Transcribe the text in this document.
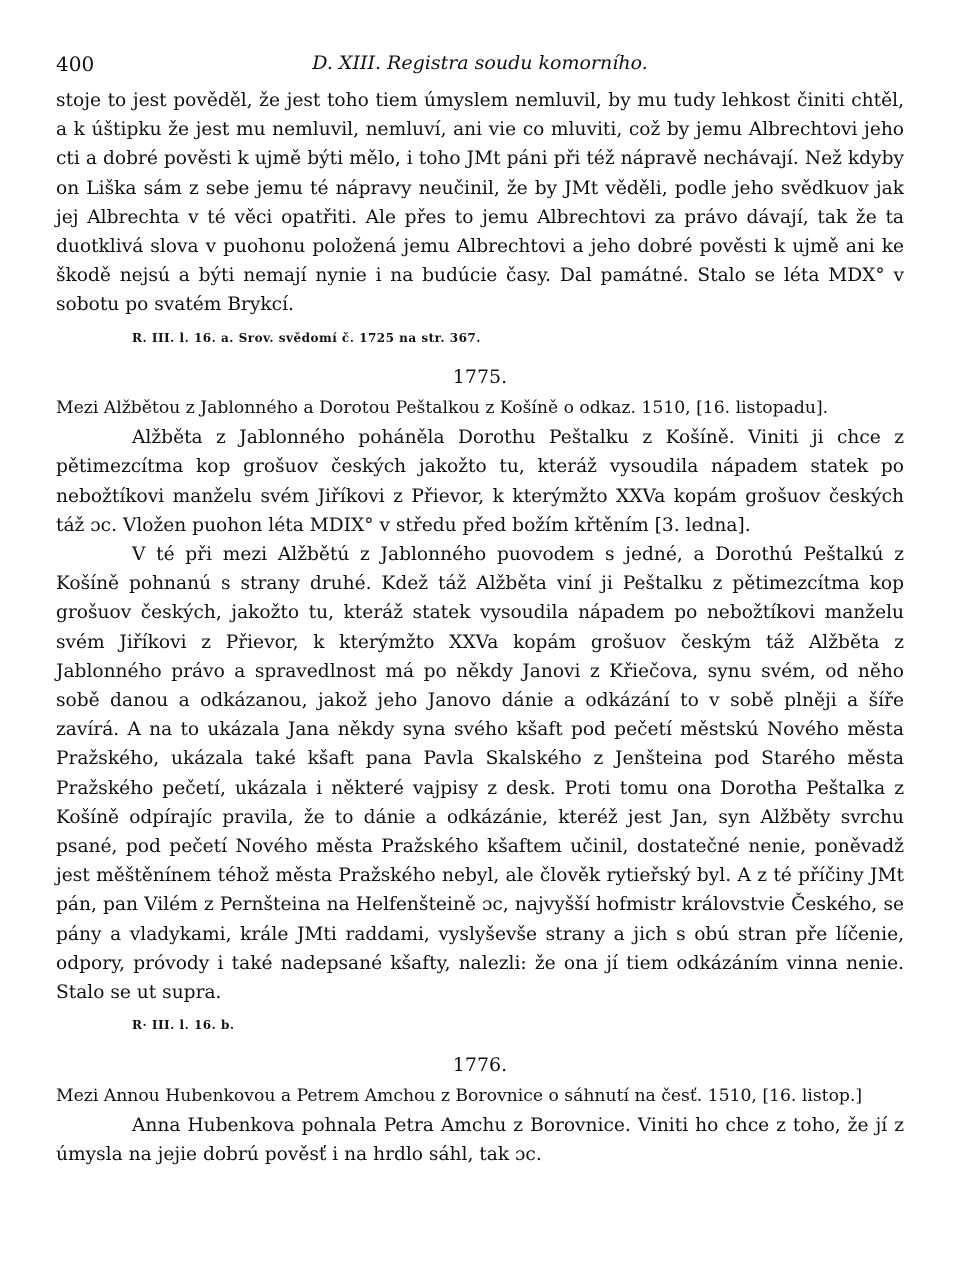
400	D. XIII. Registra soudu komorního.

stoje to jest pověděl, že jest toho tiem úmyslem nemluvil, by mu tudy lehkost činiti chtěl, a k úštipku že jest mu nemluvil, nemluví, ani vie co mluviti, což by jemu Albrechtovi jeho cti a dobré pověsti k ujmě býti mělo, i toho JMt páni při též nápravě nechávají. Než kdyby on Liška sám z sebe jemu té nápravy neučinil, že by JMt věděli, podle jeho svědkuov jak jej Albrechta v té věci opatřiti. Ale přes to jemu Albrechtovi za právo dávají, tak že ta duotklivá slova v puohonu položená jemu Albrechtovi a jeho dobré pověsti k ujmě ani ke škodě nejsú a býti nemají nynie i na budúcie časy. Dal památné. Stalo se léta MDX° v sobotu po svatém Brykcí.

R. III. l. 16. a. Srov. svědomí č. 1725 na str. 367.
1775.
Mezi Alžbětou z Jablonného a Dorotou Peštalkou z Košíně o odkaz. 1510, [16. listopadu].

Alžběta z Jablonného poháněla Dorothu Peštalku z Košíně. Viniti ji chce z pětimezcítma kop grošuov českých jakožto tu, kteráž vysoudila nápadem statek po nebožtíkovi manželu svém Jiříkovi z Přievor, k kterýmžto XXVa kopám grošuov českých táž ɔc. Vložen puohon léta MDIX° v středu před božím křtěním [3. ledna].

V té při mezi Alžbětú z Jablonného puovodem s jedné, a Dorothú Peštalkú z Košíně pohnanú s strany druhé. Kdež táž Alžběta viní ji Peštalku z pětimezcítma kop grošuov českých, jakožto tu, kteráž statek vysoudila nápadem po nebožtíkovi manželu svém Jiříkovi z Přievor, k kterýmžto XXVa kopám grošuov českým táž Alžběta z Jablonného právo a spravedlnost má po někdy Janovi z Křiečova, synu svém, od něho sobě danou a odkázanou, jakož jeho Janovo dánie a odkázání to v sobě plněji a šíře zavírá. A na to ukázala Jana někdy syna svého kšaft pod pečetí městskú Nového města Pražského, ukázala také kšaft pana Pavla Skalského z Jenšteina pod Starého města Pražského pečetí, ukázala i některé vajpisy z desk. Proti tomu ona Dorotha Peštalka z Košíně odpírajíc pravila, že to dánie a odkázánie, kteréž jest Jan, syn Alžběty svrchu psané, pod pečetí Nového města Pražského kšaftem učinil, dostatečné nenie, poněvadž jest měštěnínem téhož města Pražského nebyl, ale člověk rytieřský byl. A z té příčiny JMt pán, pan Vilém z Pernšteina na Helfenšteině ɔc, najvyšší hofmistr královstvie Českého, se pány a vladykami, krále JMti raddami, vyslyševše strany a jich s obú stran pře líčenie, odpory, próvody i také nadepsané kšafty, nalezli: že ona jí tiem odkázáním vinna nenie. Stalo se ut supra.

R· III. l. 16. b.
1776.
Mezi Annou Hubenkovou a Petrem Amchou z Borovnice o sáhnutí na česť. 1510, [16. listop.]

Anna Hubenkova pohnala Petra Amchu z Borovnice. Viniti ho chce z toho, že jí z úmysla na jejie dobrú pověsť i na hrdlo sáhl, tak ɔc.
